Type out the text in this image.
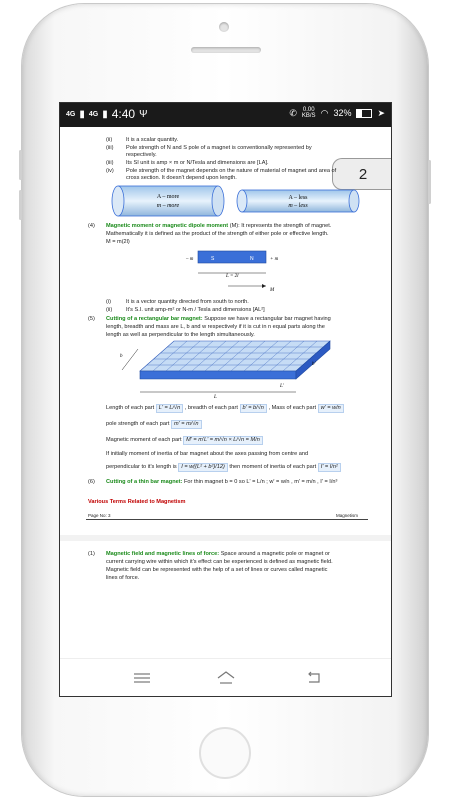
4G ▮ 4G ▮ 4:40 Ψ	✆ 0.00
KB/S ◠ 32%	➤
2
(ii) It is a scalar quantity.
(iii) Pole strength of N and S pole of a magnet is conventionally represented by
respectively.
(iii) Its SI unit is amp × m or N/Tesla and dimensions are [LA].
(iv) Pole strength of the magnet depends on the nature of material of magnet and area of
cross section. It doesn't depend upon length.
A – more
m – more
A – less
m – less
(4) Magnetic moment or magnetic dipole moment (M): It represents the strength of magnet.
Mathematically it is defined as the product of the strength of either pole or effective length.
M = m(2l)
– m	S	N	+ m
L = 2l
M
(i)	It is a vector quantity directed from south to north.
(ii) It's S.I. unit amp-m² or N-m / Tesla and dimensions [AL²]
(5) Cutting of a rectangular bar magnet: Suppose we have a rectangular bar magnet having
length, breadth and mass are L, b and w respectively if it is cut in n equal parts along the
length as well as perpendicular to the length simultaneously.
b
L
b'
L'
Length of each part L' = L/√n , breadth of each part b' = b/√n , Mass of each part w' = w/n
pole strength of each part m' = m/√n
Magnetic moment of each part M' = m'L' = m/√n × L/√n = M/n
If initially moment of inertia of bar magnet about the axes passing from centre and
perpendicular to it's length is I = w((L² + b²)/12) then moment of inertia of each part I' = I/n²
(6) Cutting of a thin bar magnet: For thin magnet b = 0 so L' = L/n ; w' = w/n , m' = m/n , I' = I/n³
Various Terms Related to Magnetism
Page No: 3	Magnetism
(1) Magnetic field and magnetic lines of force: Space around a magnetic pole or magnet or
current carrying wire within which it's effect can be experienced is defined as magnetic field.
Magnetic field can be represented with the help of a set of lines or curves called magnetic
lines of force.
